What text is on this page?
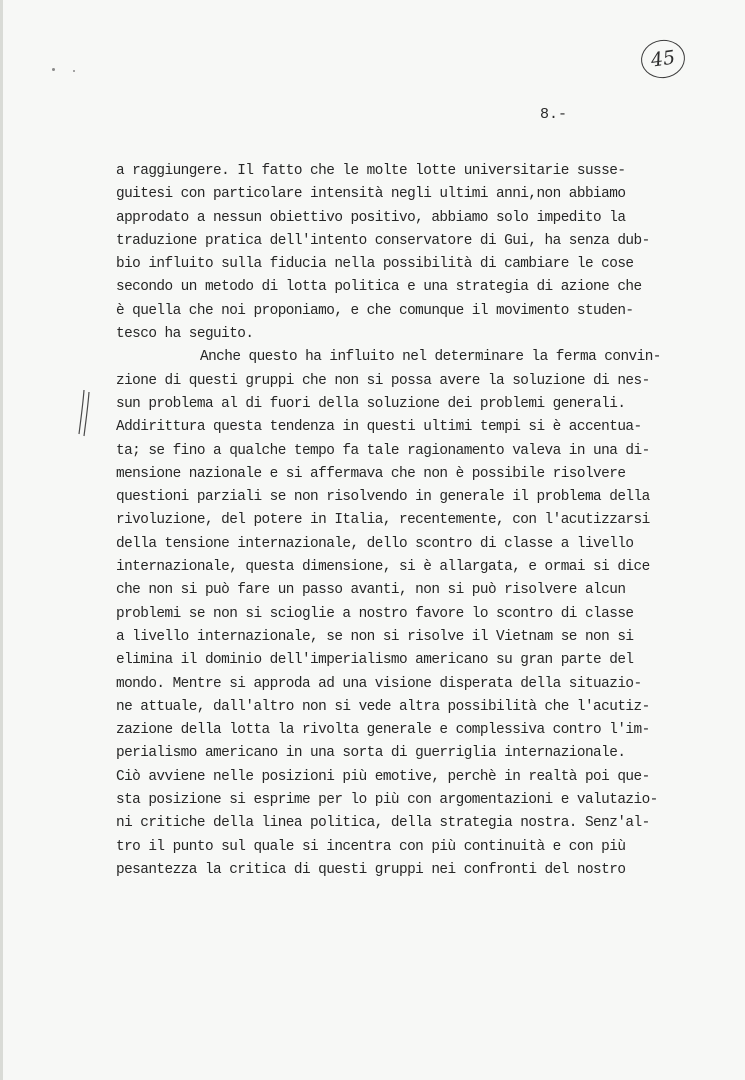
45
8.-
a raggiungere. Il fatto che le molte lotte universitarie susse-
guitesi con particolare intensità negli ultimi anni,non abbiamo
approdato a nessun obiettivo positivo, abbiamo solo impedito la
traduzione pratica dell'intento conservatore di Gui, ha senza dub-
bio influito sulla fiducia nella possibilità di cambiare le cose
secondo un metodo di lotta politica e una strategia di azione che
è quella che noi proponiamo, e che comunque il movimento studen-
tesco ha seguito.
Anche questo ha influito nel determinare la ferma convin-
zione di questi gruppi che non si possa avere la soluzione di nes-
sun problema al di fuori della soluzione dei problemi generali.
Addirittura questa tendenza in questi ultimi tempi si è accentua-
ta; se fino a qualche tempo fa tale ragionamento valeva in una di-
mensione nazionale e si affermava che non è possibile risolvere
questioni parziali se non risolvendo in generale il problema della
rivoluzione, del potere in Italia, recentemente, con l'acutizzarsi
della tensione internazionale, dello scontro di classe a livello
internazionale, questa dimensione, si è allargata, e ormai si dice
che non si può fare un passo avanti, non si può risolvere alcun
problemi se non si scioglie a nostro favore lo scontro di classe
a livello internazionale, se non si risolve il Vietnam se non si
elimina il dominio dell'imperialismo americano su gran parte del
mondo. Mentre si approda ad una visione disperata della situazio-
ne attuale, dall'altro non si vede altra possibilità che l'acutiz-
zazione della lotta la rivolta generale e complessiva contro l'im-
perialismo americano in una sorta di guerriglia internazionale.
Ciò avviene nelle posizioni più emotive, perchè in realtà poi que-
sta posizione si esprime per lo più con argomentazioni e valutazio-
ni critiche della linea politica, della strategia nostra. Senz'al-
tro il punto sul quale si incentra con più continuità e con più
pesantezza la critica di questi gruppi nei confronti del nostro
